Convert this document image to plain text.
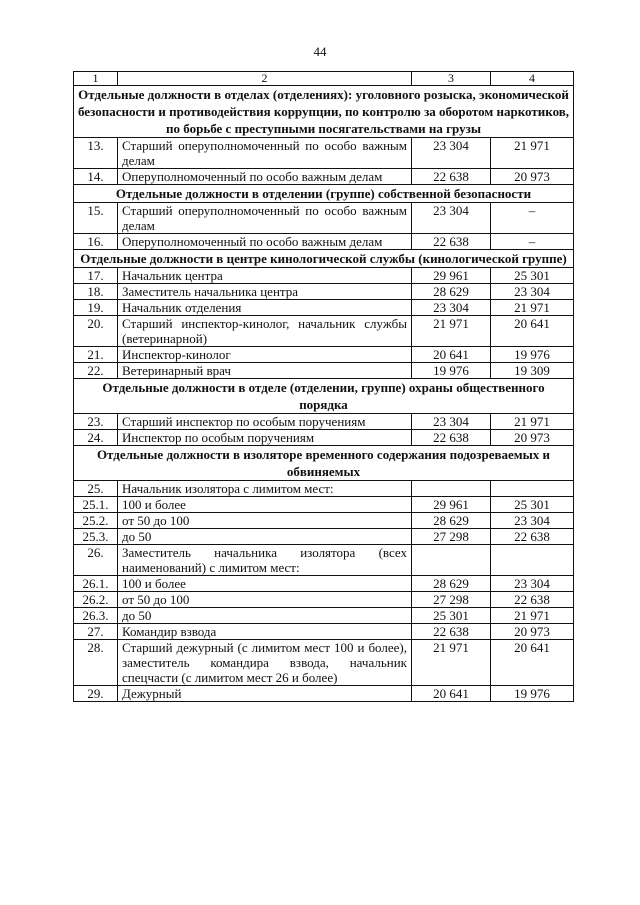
44
1	2	3	4
Отдельные должности в отделах (отделениях): уголовного розыска, экономической безопасности и противодействия коррупции, по контролю за оборотом наркотиков, по борьбе с преступными посягательствами на грузы			
13.	Старший оперуполномоченный по особо важным делам	23 304	21 971
14.	Оперуполномоченный по особо важным делам	22 638	20 973
Отдельные должности в отделении (группе) собственной безопасности			
15.	Старший оперуполномоченный по особо важным делам	23 304	–
16.	Оперуполномоченный по особо важным делам	22 638	–
Отдельные должности в центре кинологической службы (кинологической группе)			
17.	Начальник центра	29 961	25 301
18.	Заместитель начальника центра	28 629	23 304
19.	Начальник отделения	23 304	21 971
20.	Старший инспектор-кинолог, начальник службы (ветеринарной)	21 971	20 641
21.	Инспектор-кинолог	20 641	19 976
22.	Ветеринарный врач	19 976	19 309
Отдельные должности в отделе (отделении, группе) охраны общественного порядка			
23.	Старший инспектор по особым поручениям	23 304	21 971
24.	Инспектор по особым поручениям	22 638	20 973
Отдельные должности в изоляторе временного содержания подозреваемых и обвиняемых			
25.	Начальник изолятора с лимитом мест:		
25.1.	100 и более	29 961	25 301
25.2.	от 50 до 100	28 629	23 304
25.3.	до 50	27 298	22 638
26.	Заместитель начальника изолятора (всех наименований) с лимитом мест:		
26.1.	100 и более	28 629	23 304
26.2.	от 50 до 100	27 298	22 638
26.3.	до 50	25 301	21 971
27.	Командир взвода	22 638	20 973
28.	Старший дежурный (с лимитом мест 100 и более), заместитель командира взвода, начальник спецчасти (с лимитом мест 26 и более)	21 971	20 641
29.	Дежурный	20 641	19 976
